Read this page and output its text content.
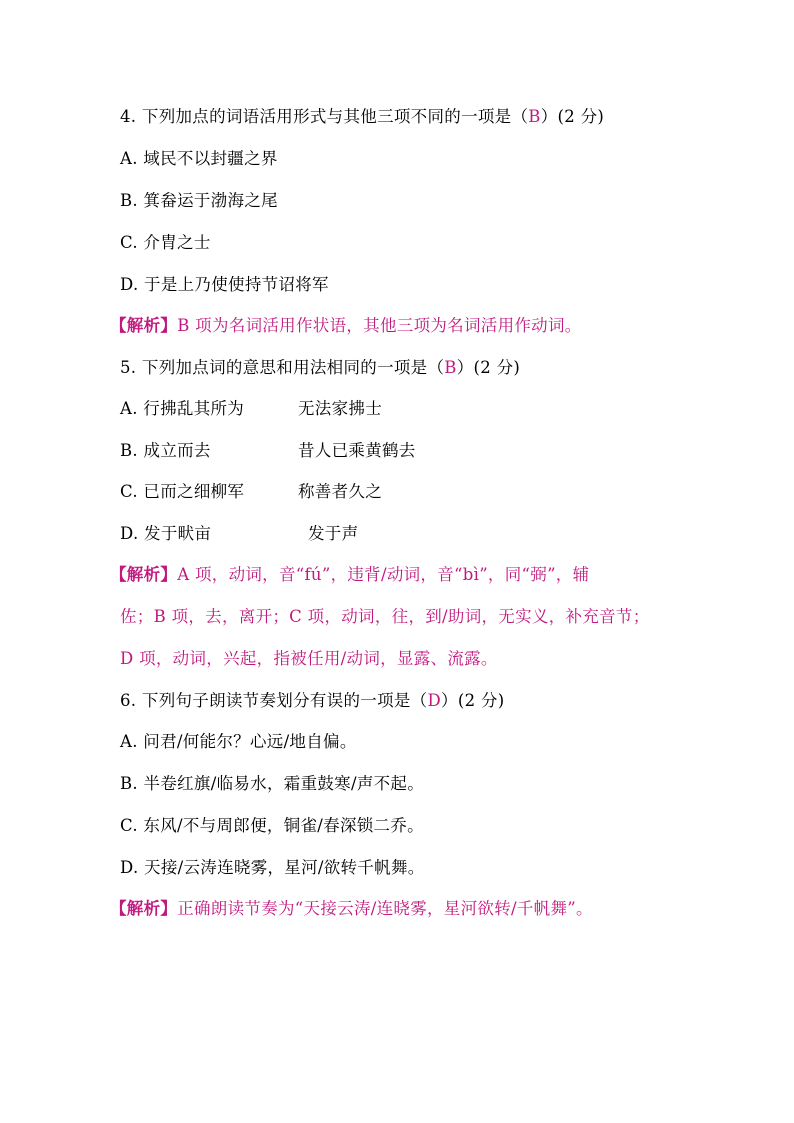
4. 下列加点的词语活用形式与其他三项不同的一项是（B）(2 分)
A. 域民不以封疆之界
B. 箕畚运于渤海之尾
C. 介胄之士
D. 于是上乃使使持节诏将军
【解析】B 项为名词活用作状语，其他三项为名词活用作动词。
5. 下列加点词的意思和用法相同的一项是（B）(2 分)
A. 行拂乱其所为	无法家拂士
B. 成立而去	昔人已乘黄鹤去
C. 已而之细柳军	称善者久之
D. 发于畎亩	发于声
【解析】A 项，动词，音“fú”，违背/动词，音“bì”，同“弼”，辅
佐；B 项，去，离开；C 项，动词，往，到/助词，无实义，补充音节；
D 项，动词，兴起，指被任用/动词，显露、流露。
6. 下列句子朗读节奏划分有误的一项是（D）(2 分)
A. 问君/何能尔？心远/地自偏。
B. 半卷红旗/临易水，霜重鼓寒/声不起。
C. 东风/不与周郎便，铜雀/春深锁二乔。
D. 天接/云涛连晓雾，星河/欲转千帆舞。
【解析】正确朗读节奏为“天接云涛/连晓雾，星河欲转/千帆舞”。
